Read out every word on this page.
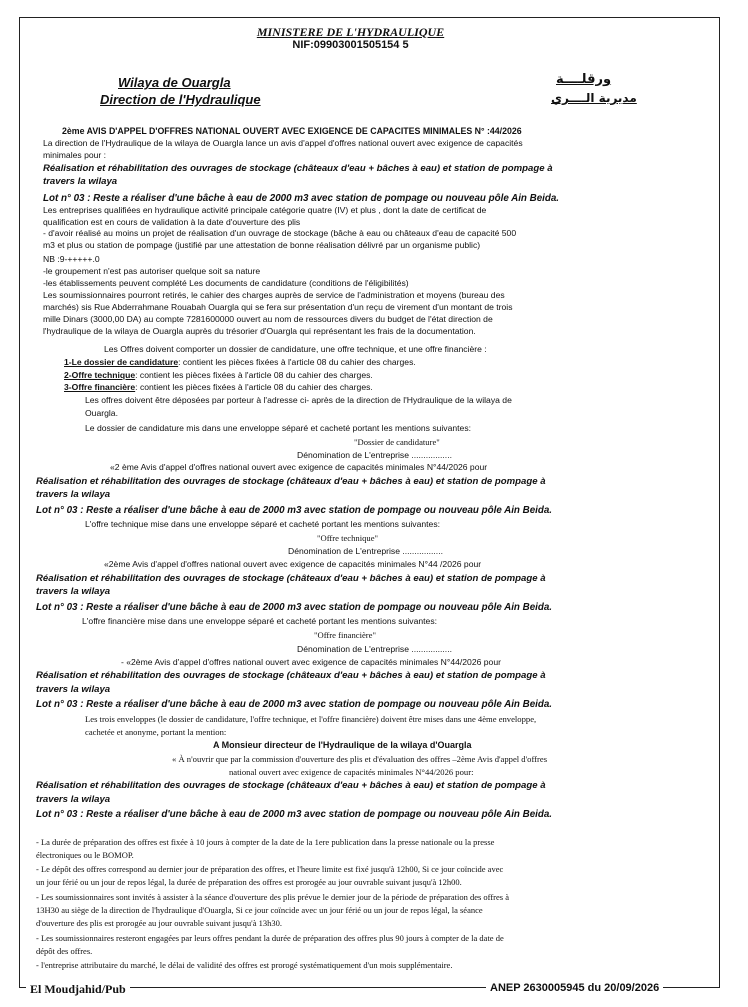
MINISTERE DE L'HYDRAULIQUE
NIF:09903001505154 5
Wilaya de Ouargla
Direction de l'Hydraulique
ورقلــــة
مديرية الــــري
2ème AVIS D'APPEL D'OFFRES NATIONAL OUVERT AVEC EXIGENCE DE CAPACITES MINIMALES N° :44/2026
La direction de l'Hydraulique de la wilaya de Ouargla lance un avis d'appel d'offres national ouvert avec exigence de capacités
minimales pour :
Réalisation et réhabilitation des ouvrages de stockage (châteaux d'eau + bâches à eau) et station de pompage à
travers la wilaya
Lot n° 03 : Reste a réaliser d'une bâche à eau de 2000 m3 avec station de pompage ou nouveau pôle Ain Beida.
Les entreprises qualifiées en hydraulique activité principale catégorie quatre (IV) et plus , dont la date de certificat de
qualification est en cours de validation à la date d'ouverture des plis
- d'avoir réalisé au moins un projet de réalisation d'un ouvrage de stockage (bâche à eau ou châteaux d'eau de capacité 500
m3 et plus ou station de pompage (justifié par une attestation de bonne réalisation délivré par un organisme public)
NB :9-+++++.0
-le groupement n'est pas autoriser quelque soit sa nature
-les établissements peuvent complété Les documents de candidature (conditions de l'éligibilités)
Les soumissionnaires pourront retirés, le cahier des charges auprès de service de l'administration et moyens (bureau des
marchés) sis Rue Abderrahmane Rouabah Ouargla qui se fera sur présentation d'un reçu de virement d'un montant de trois
mille Dinars (3000,00 DA) au compte 7281600000 ouvert au nom de ressources divers du budget de l'état direction de
l'hydraulique de la wilaya de Ouargla auprès du trésorier d'Ouargla qui représentant les frais de la documentation.
Les Offres doivent comporter un dossier de candidature, une offre technique, et une offre financière :
1-Le dossier de candidature: contient les pièces fixées à l'article 08 du cahier des charges.
2-Offre technique: contient les pièces fixées à l'article 08 du cahier des charges.
3-Offre financière: contient les pièces fixées à l'article 08 du cahier des charges.
Les offres doivent être déposées par porteur à l'adresse ci- après de la direction de l'Hydraulique de la wilaya de
Ouargla.
Le dossier de candidature mis dans une enveloppe séparé et cacheté portant les mentions suivantes:
"Dossier de candidature"
Dénomination de L'entreprise .................
«2 ème Avis d'appel d'offres national ouvert avec exigence de capacités minimales N°44/2026 pour
Réalisation et réhabilitation des ouvrages de stockage (châteaux d'eau + bâches à eau) et station de pompage à
travers la wilaya
Lot n° 03 : Reste a réaliser d'une bâche à eau de 2000 m3 avec station de pompage ou nouveau pôle Ain Beida.
L'offre technique mise dans une enveloppe séparé et cacheté portant les mentions suivantes:
"Offre technique"
Dénomination de L'entreprise .................
«2ème Avis d'appel d'offres national ouvert avec exigence de capacités minimales N°44 /2026 pour
Réalisation et réhabilitation des ouvrages de stockage (châteaux d'eau + bâches à eau) et station de pompage à
travers la wilaya
Lot n° 03 : Reste a réaliser d'une bâche à eau de 2000 m3 avec station de pompage ou nouveau pôle Ain Beida.
L'offre financière mise dans une enveloppe séparé et cacheté portant les mentions suivantes:
"Offre financière"
Dénomination de L'entreprise .................
- «2ème Avis d'appel d'offres national ouvert avec exigence de capacités minimales N°44/2026 pour
Réalisation et réhabilitation des ouvrages de stockage (châteaux d'eau + bâches à eau) et station de pompage à
travers la wilaya
Lot n° 03 : Reste a réaliser d'une bâche à eau de 2000 m3 avec station de pompage ou nouveau pôle Ain Beida.
Les trois enveloppes (le dossier de candidature, l'offre technique, et l'offre financière) doivent être mises dans une 4ème enveloppe,
cachetée et anonyme, portant la mention:
A Monsieur directeur de l'Hydraulique de la wilaya d'Ouargla
« À n'ouvrir que par la commission d'ouverture des plis et d'évaluation des offres –2ème Avis d'appel d'offres
national ouvert avec exigence de capacités minimales N°44/2026 pour:
Réalisation et réhabilitation des ouvrages de stockage (châteaux d'eau + bâches à eau) et station de pompage à
travers la wilaya
Lot n° 03 : Reste a réaliser d'une bâche à eau de 2000 m3 avec station de pompage ou nouveau pôle Ain Beida.
- La durée de préparation des offres est fixée à 10 jours à compter de la date de la 1ere publication dans la presse nationale ou la presse
électroniques ou le BOMOP.
- Le dépôt des offres correspond au dernier jour de préparation des offres, et l'heure limite est fixé jusqu'à 12h00, Si ce jour coïncide avec
un jour férié ou un jour de repos légal, la durée de préparation des offres est prorogée au jour ouvrable suivant jusqu'à 12h00.
- Les soumissionnaires sont invités à assister à la séance d'ouverture des plis prévue le dernier jour de la période de préparation des offres à
13H30 au siège de la direction de l'hydraulique d'Ouargla, Si ce jour coïncide avec un jour férié ou un jour de repos légal, la séance
d'ouverture des plis est prorogée au jour ouvrable suivant jusqu'à 13h30.
- Les soumissionnaires resteront engagées par leurs offres pendant la durée de préparation des offres plus 90 jours à compter de la date de
dépôt des offres.
- l'entreprise attributaire du marché, le délai de validité des offres est prorogé systématiquement d'un mois supplémentaire.
El Moudjahid/Pub	ANEP 2630005945 du 20/09/2026
